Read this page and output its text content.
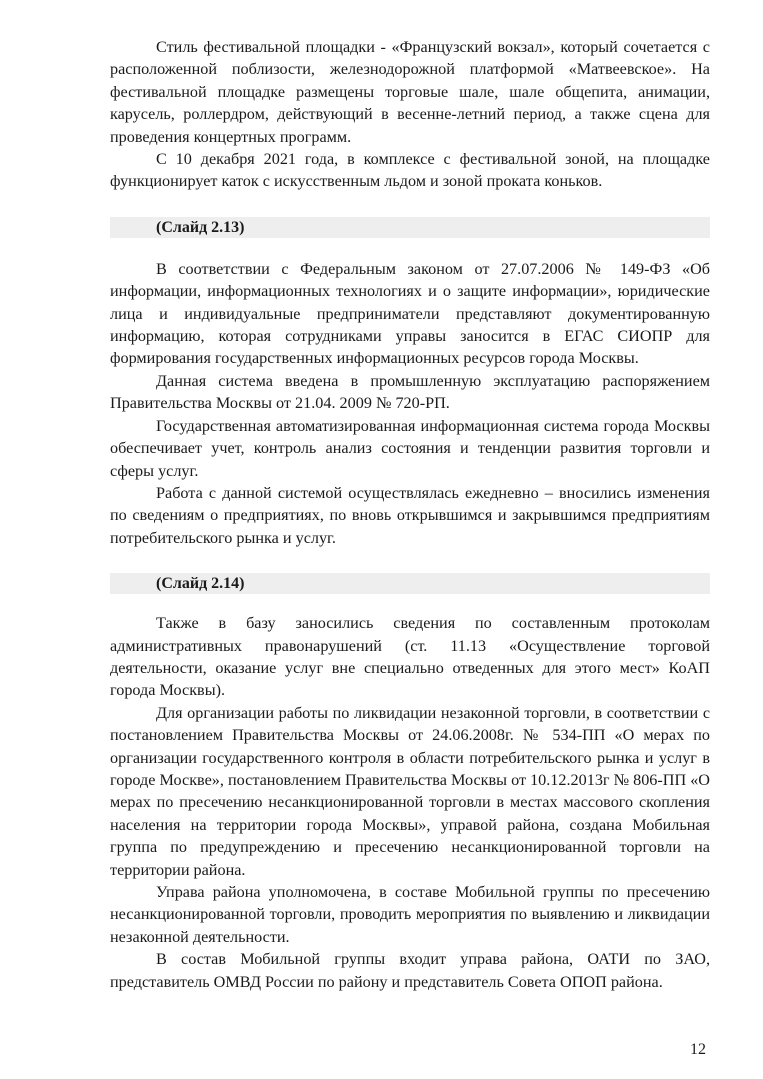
Стиль фестивальной площадки - «Французский вокзал», который сочетается с расположенной поблизости, железнодорожной платформой «Матвеевское». На фестивальной площадке размещены торговые шале, шале общепита, анимации, карусель, роллердром, действующий в весенне-летний период, а также сцена для проведения концертных программ.

С 10 декабря 2021 года, в комплексе с фестивальной зоной, на площадке функционирует каток с искусственным льдом и зоной проката коньков.

(Слайд 2.13)

В соответствии с Федеральным законом от 27.07.2006 № 149-ФЗ «Об информации, информационных технологиях и о защите информации», юридические лица и индивидуальные предприниматели представляют документированную информацию, которая сотрудниками управы заносится в ЕГАС СИОПР для формирования государственных информационных ресурсов города Москвы.

Данная система введена в промышленную эксплуатацию распоряжением Правительства Москвы от 21.04. 2009 № 720-РП.

Государственная автоматизированная информационная система города Москвы обеспечивает учет, контроль анализ состояния и тенденции развития торговли и сферы услуг.

Работа с данной системой осуществлялась ежедневно – вносились изменения по сведениям о предприятиях, по вновь открывшимся и закрывшимся предприятиям потребительского рынка и услуг.

(Слайд 2.14)

Также в базу заносились сведения по составленным протоколам административных правонарушений (ст. 11.13 «Осуществление торговой деятельности, оказание услуг вне специально отведенных для этого мест» КоАП города Москвы).

Для организации работы по ликвидации незаконной торговли, в соответствии с постановлением Правительства Москвы от 24.06.2008г. № 534-ПП «О мерах по организации государственного контроля в области потребительского рынка и услуг в городе Москве», постановлением Правительства Москвы от 10.12.2013г № 806-ПП «О мерах по пресечению несанкционированной торговли в местах массового скопления населения на территории города Москвы», управой района, создана Мобильная группа по предупреждению и пресечению несанкционированной торговли на территории района.

Управа района уполномочена, в составе Мобильной группы по пресечению несанкционированной торговли, проводить мероприятия по выявлению и ликвидации незаконной деятельности.

В состав Мобильной группы входит управа района, ОАТИ по ЗАО, представитель ОМВД России по району и представитель Совета ОПОП района.

12
